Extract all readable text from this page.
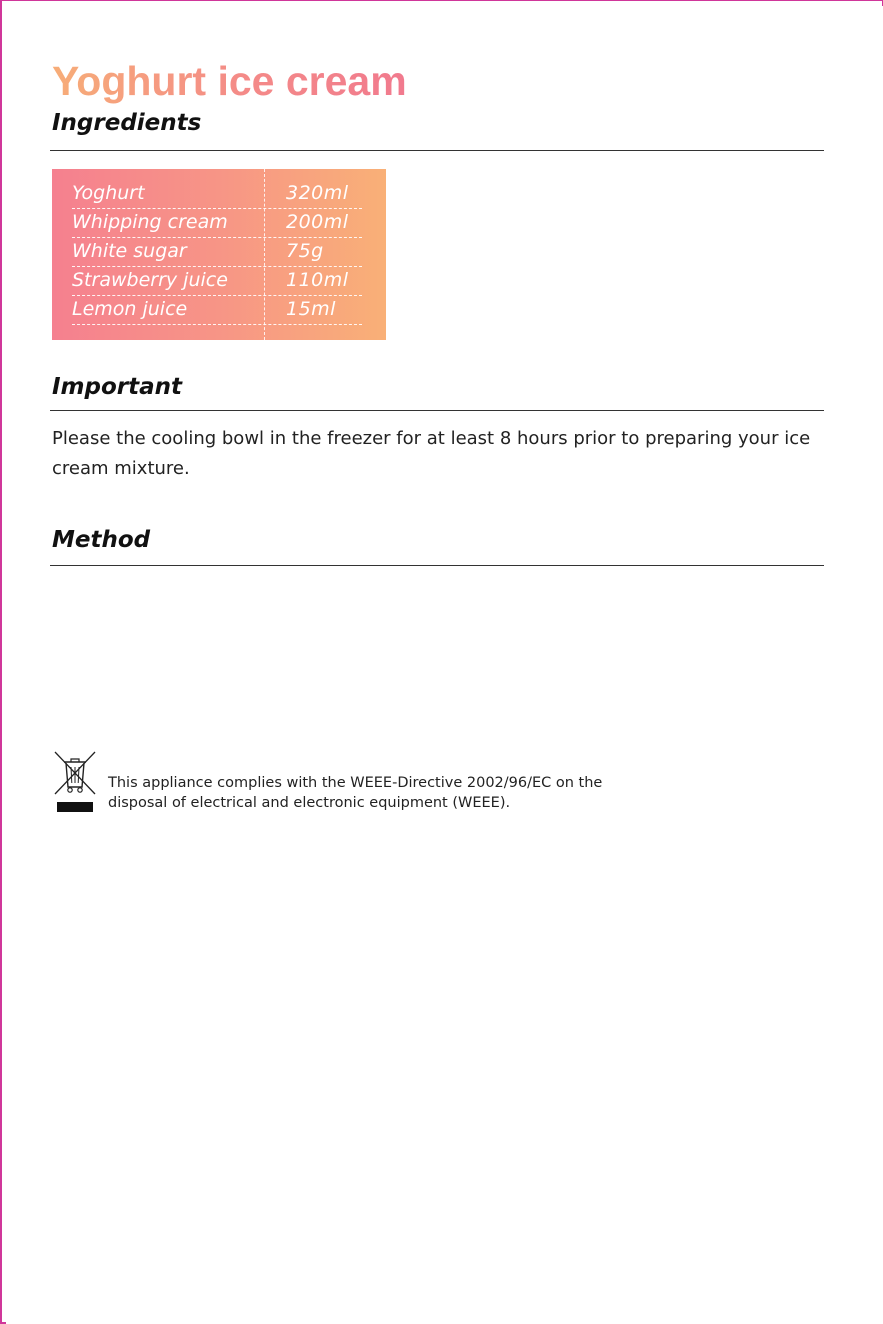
Yoghurt ice cream
Ingredients
Yoghurt	320ml
Whipping cream	200ml
White sugar	75g
Strawberry juice	110ml
Lemon juice	15ml
Important

Please the cooling bowl in the freezer for at least 8 hours prior to preparing your ice cream mixture.

Method

This appliance complies with the WEEE-Directive 2002/96/EC on the
disposal of electrical and electronic equipment (WEEE).
